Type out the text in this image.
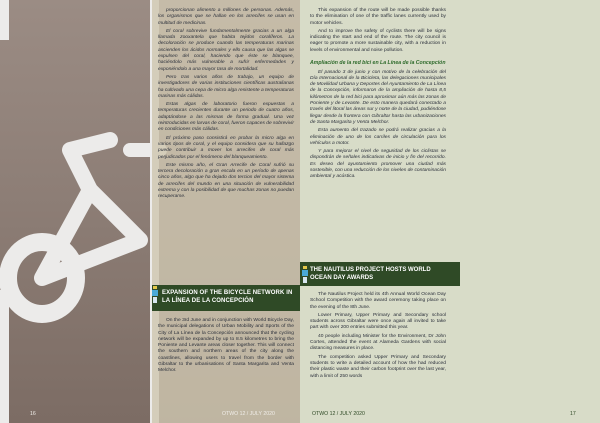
proporcionan alimento a millones de personas. Además, los organismos que se hallan en los arrecifes se usan en multitud de medicinas.

El coral sobrevive fundamentalmente gracias a un alga llamada zooxantela que habita tejidos coralíferos. La decoloración se produce cuando las temperaturas marinas ascienden los ácidos normales y ello causa que las algas se expulsen del coral, haciendo que éste se blanquee, haciéndolo más vulnerable a sufrir enfermedades y exponiéndolo a una mayor tasa de mortalidad.

Pero tras varios años de trabajo, un equipo de investigadores de varias instituciones científicas australianas ha cultivado una cepa de micro alga resistente a temperaturas marinas más cálidas.

Estas algas de laboratorio fueron expuestas a temperaturas crecientes durante un periodo de cuatro años, adaptándose a las mismas de forma gradual. Una vez reintroducidas en larvas de coral, fueron capaces de sobrevivir en condiciones más cálidas.

El próximo paso consistirá en probar la micro alga en varios tipos de coral, y el equipo considera que su hallazgo puede contribuir a mover los arrecifes de coral más perjudicados por el fenómeno del blanqueamiento.

Este mismo año, el Gran Arrecife de Coral sufrió su tercera decoloración a gran escala en un período de apenas cinco años, algo que ha dejado dos tercios del mayor sistema de arrecifes del mundo en una situación de vulnerabilidad extrema y con la posibilidad de que muchas zonas no puedan recuperarse.

EXPANSION OF THE BICYCLE NETWORK IN LA LÍNEA DE LA CONCEPCIÓN

On the 3rd June and in conjunction with World Bicycle Day, the municipal delegations of Urban Mobility and Sports of the City of La Línea de la Concepción announced that the cycling network will be expanded by up to 8.5 kilometres to bring the Poniente and Levante areas closer together. This will connect the southern and northern areas of the city along the coastlines, allowing users to travel from the border with Gibraltar to the urbanisations of Santa Margarita and Venta Melchor.

16	OTWO 12 / JULY 2020

This expansion of the route will be made possible thanks to the elimination of one of the traffic lanes currently used by motor vehicles.

And to improve the safety of cyclists there will be signs indicating the start and end of the route. The city council is eager to promote a more sustainable city, with a reduction in levels of environmental and noise pollution.

Ampliación de la red bici en La Línea de la Concepción

El pasado 3 de junio y con motivo de la celebración del Día Internacional de la Bicicleta, las delegaciones municipales de Movilidad Urbana y Deportes del Ayuntamiento de La Línea de la Concepción, informaron de la ampliación de hasta 8,5 kilómetros de la red bici para aproximar aún más las zonas de Poniente y de Levante. De esto manera quedará conectado a través del litoral las áreas sur y norte de la ciudad, pudiéndose llegar desde la frontera con Gibraltar hasta las urbanizaciones de Santa Margarita y Venta Melchor.

Esta aumento del trazado se podrá realizar gracias a la eliminación de uno de los carriles de circulación para los vehículos a motor.

Y para mejorar el nivel de seguridad de los ciclistas se dispondrán de señales indicativas de inicio y fin del recorrido. Es deseo del ayuntamiento promover una ciudad más sostenible, con una reducción de los niveles de contaminación ambiental y acústica.

OTWO 12 / JULY 2020	17
THE NAUTILUS PROJECT HOSTS WORLD OCEAN DAY AWARDS

The Nautilus Project held its 4th Annual World Ocean Day School Competition with the award ceremony taking place on the evening of the 8th June.

Lower Primary, Upper Primary and Secondary school students across Gibraltar were once again all invited to take part with over 200 entries submitted this year.

40 people including Minister for the Environment, Dr John Cortes, attended the event at Alameda Gardens with social distancing measures in place.

The competition asked Upper Primary and Secondary students to write a detailed account of how the had reduced their plastic waste and their carbon footprint over the last year, with a limit of 250 words
